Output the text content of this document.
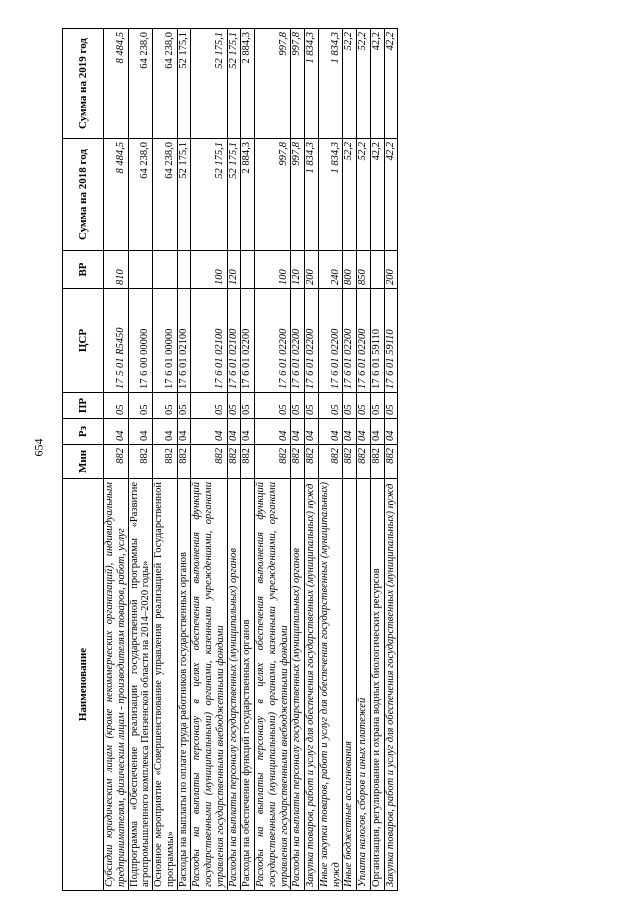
654
Наименование	Мин	Рз	ПР	ЦСР	ВР	Сумма на 2018 год	Сумма на 2019 год
Субсидии юридическим лицам (кроме некоммерческих организаций), индивидуальным предпринимателям, физическим лицам - производителям товаров, работ, услуг	882	04	05	17 5 01 R5450	810	8 484,5	8 484,5
Подпрограмма «Обеспечение реализации государственной программы «Развитие агропромышленного комплекса Пензенской области на 2014–2020 годы»	882	04	05	17 6 00 00000		64 238,0	64 238,0
Основное мероприятие «Совершенствование управления реализацией Государственной программы»	882	04	05	17 6 01 00000		64 238,0	64 238,0
Расходы на выплаты по оплате труда работников государственных органов	882	04	05	17 6 01 02100		52 175,1	52 175,1
Расходы на выплаты персоналу в целях обеспечения выполнения функций государственными (муниципальными) органами, казенными учреждениями, органами управления государственными внебюджетными фондами	882	04	05	17 6 01 02100	100	52 175,1	52 175,1
Расходы на выплаты персоналу государственных (муниципальных) органов	882	04	05	17 6 01 02100	120	52 175,1	52 175,1
Расходы на обеспечение функций государственных органов	882	04	05	17 6 01 02200		2 884,3	2 884,3
Расходы на выплаты персоналу в целях обеспечения выполнения функций государственными (муниципальными) органами, казенными учреждениями, органами управления государственными внебюджетными фондами	882	04	05	17 6 01 02200	100	997,8	997,8
Расходы на выплаты персоналу государственных (муниципальных) органов	882	04	05	17 6 01 02200	120	997,8	997,8
Закупка товаров, работ и услуг для обеспечения государственных (муниципальных) нужд	882	04	05	17 6 01 02200	200	1 834,3	1 834,3
Иные закупки товаров, работ и услуг для обеспечения государственных (муниципальных) нужд	882	04	05	17 6 01 02200	240	1 834,3	1 834,3
Иные бюджетные ассигнования	882	04	05	17 6 01 02200	800	52,2	52,2
Уплата налогов, сборов и иных платежей	882	04	05	17 6 01 02200	850	52,2	52,2
Организация, регулирование и охрана водных биологических ресурсов	882	04	05	17 6 01 59110		42,2	42,2
Закупка товаров, работ и услуг для обеспечения государственных (муниципальных) нужд	882	04	05	17 6 01 59110	200	42,2	42,2
